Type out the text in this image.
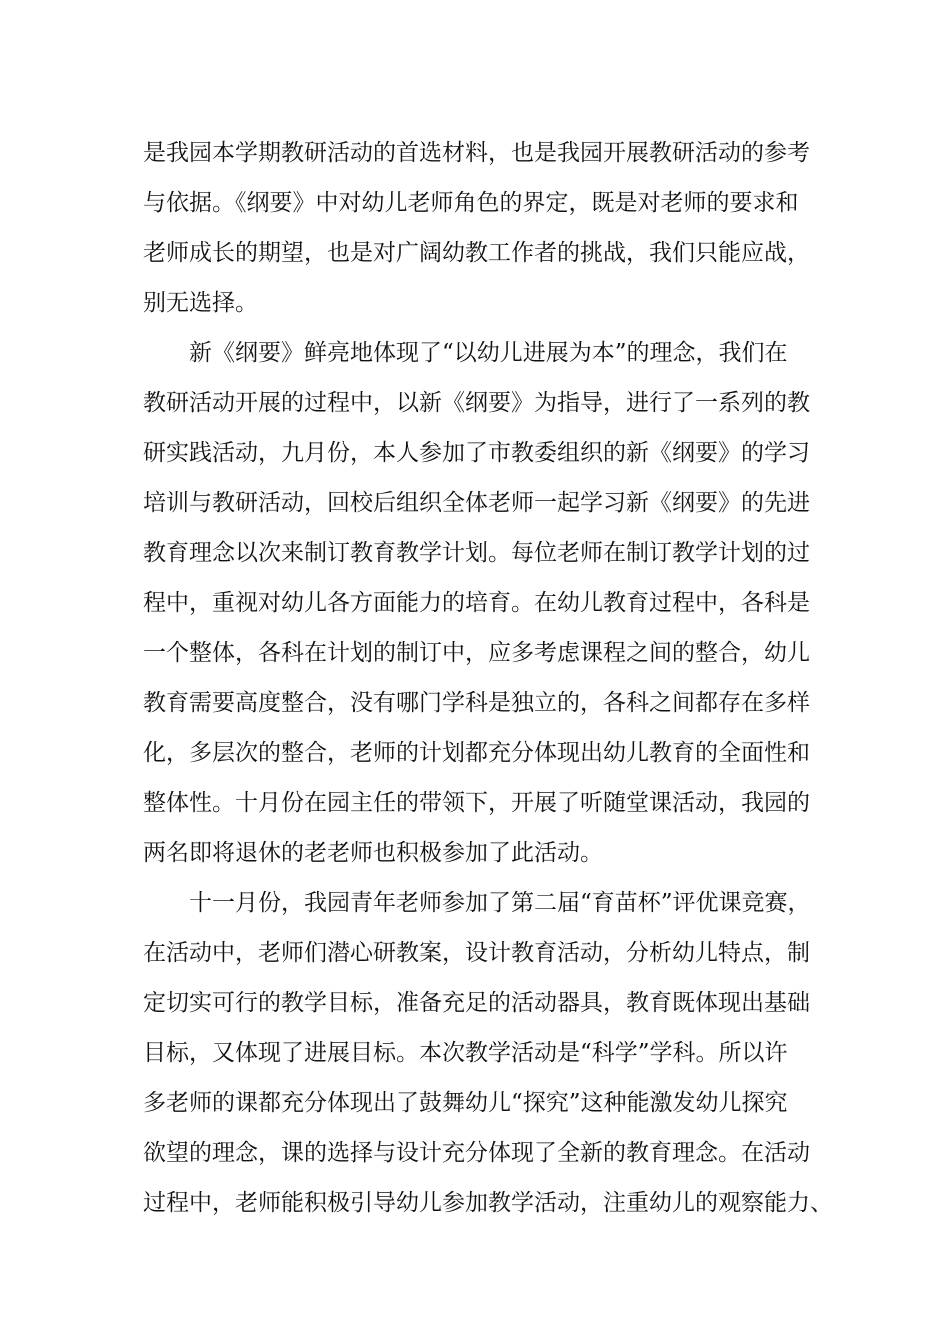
是我园本学期教研活动的首选材料，也是我园开展教研活动的参考
与依据。《纲要》中对幼儿老师角色的界定，既是对老师的要求和
老师成长的期望，也是对广阔幼教工作者的挑战，我们只能应战，
别无选择。
新《纲要》鲜亮地体现了“以幼儿进展为本”的理念，我们在
教研活动开展的过程中，以新《纲要》为指导，进行了一系列的教
研实践活动，九月份，本人参加了市教委组织的新《纲要》的学习
培训与教研活动，回校后组织全体老师一起学习新《纲要》的先进
教育理念以次来制订教育教学计划。每位老师在制订教学计划的过
程中，重视对幼儿各方面能力的培育。在幼儿教育过程中，各科是
一个整体，各科在计划的制订中，应多考虑课程之间的整合，幼儿
教育需要高度整合，没有哪门学科是独立的，各科之间都存在多样
化，多层次的整合，老师的计划都充分体现出幼儿教育的全面性和
整体性。十月份在园主任的带领下，开展了听随堂课活动，我园的
两名即将退休的老老师也积极参加了此活动。
十一月份，我园青年老师参加了第二届“育苗杯”评优课竞赛，
在活动中，老师们潜心研教案，设计教育活动，分析幼儿特点，制
定切实可行的教学目标，准备充足的活动器具，教育既体现出基础
目标，又体现了进展目标。本次教学活动是“科学”学科。所以许
多老师的课都充分体现出了鼓舞幼儿“探究”这种能激发幼儿探究
欲望的理念，课的选择与设计充分体现了全新的教育理念。在活动
过程中，老师能积极引导幼儿参加教学活动，注重幼儿的观察能力、
